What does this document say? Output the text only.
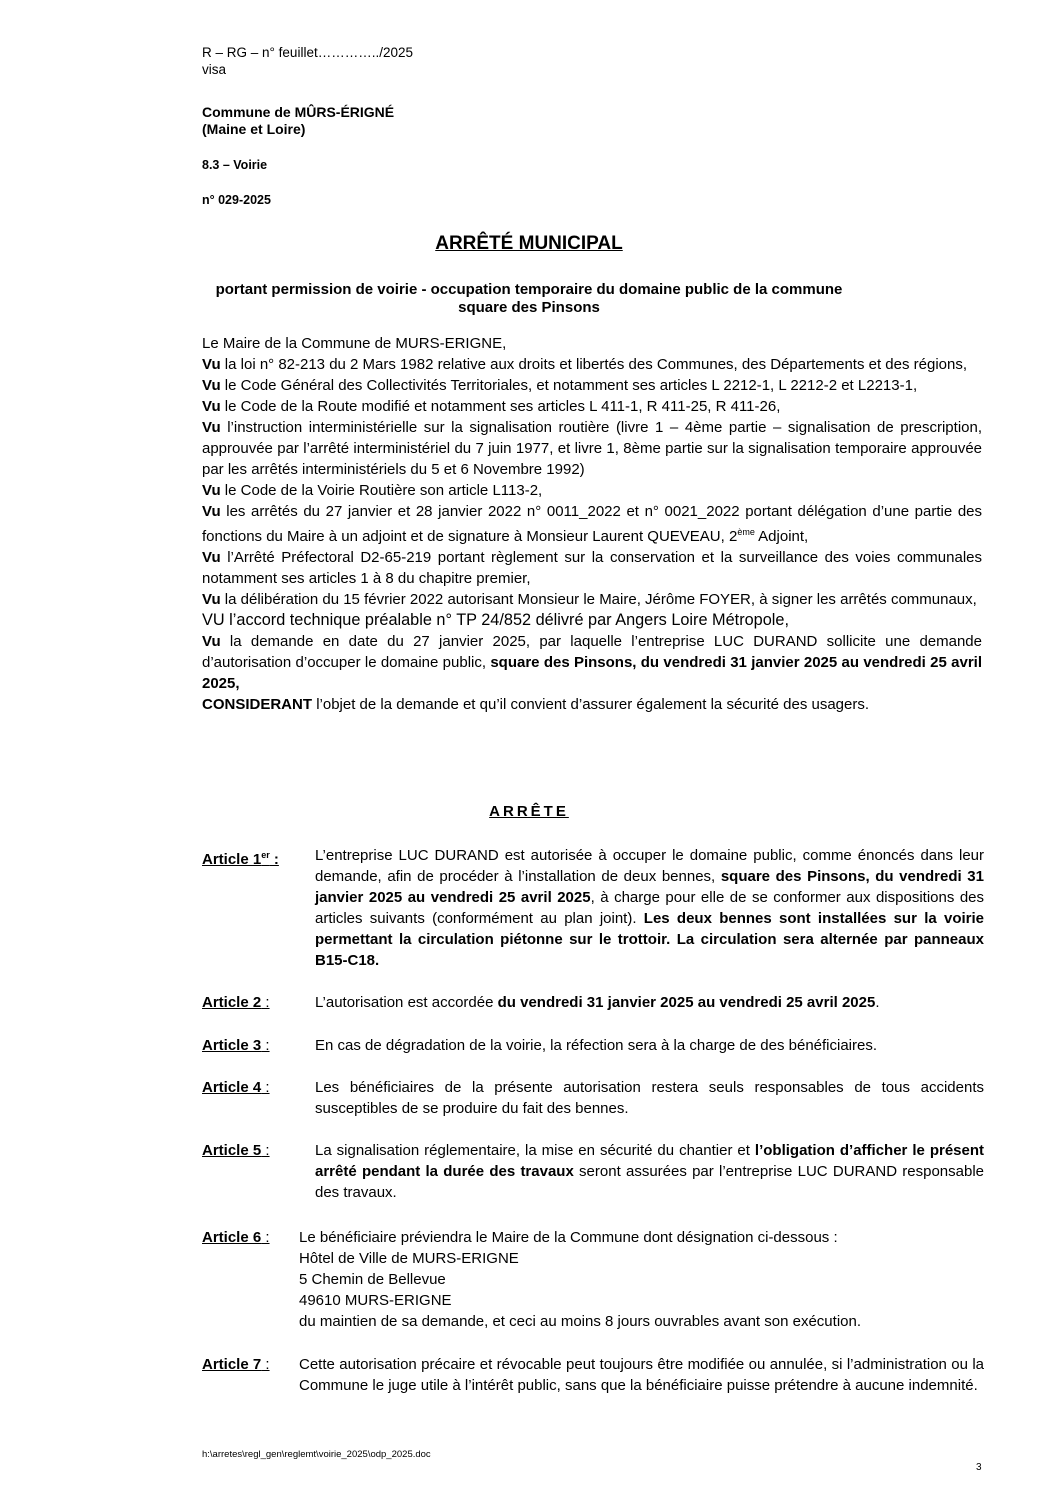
R – RG – n° feuillet…………../2025
visa
Commune de MÛRS-ÉRIGNÉ
(Maine et Loire)
8.3 – Voirie
n° 029-2025
ARRÊTÉ MUNICIPAL
portant permission de voirie - occupation temporaire du domaine public de la commune
square des Pinsons

Le Maire de la Commune de MURS-ERIGNE,

Vu la loi n° 82-213 du 2 Mars 1982 relative aux droits et libertés des Communes, des Départements et des régions,

Vu le Code Général des Collectivités Territoriales, et notamment ses articles L 2212-1, L 2212-2 et L2213-1,

Vu le Code de la Route modifié et notamment ses articles L 411-1, R 411-25, R 411-26,

Vu l’instruction interministérielle sur la signalisation routière (livre 1 – 4ème partie – signalisation de prescription, approuvée par l’arrêté interministériel du 7 juin 1977, et livre 1, 8ème partie sur la signalisation temporaire approuvée par les arrêtés interministériels du 5 et 6 Novembre 1992)

Vu le Code de la Voirie Routière son article L113-2,

Vu les arrêtés du 27 janvier et 28 janvier 2022 n° 0011_2022 et n° 0021_2022 portant délégation d’une partie des fonctions du Maire à un adjoint et de signature à Monsieur Laurent QUEVEAU, 2ème Adjoint,

Vu l’Arrêté Préfectoral D2-65-219 portant règlement sur la conservation et la surveillance des voies communales notamment ses articles 1 à 8 du chapitre premier,

Vu la délibération du 15 février 2022 autorisant Monsieur le Maire, Jérôme FOYER, à signer les arrêtés communaux,

VU l’accord technique préalable n° TP 24/852 délivré par Angers Loire Métropole,

Vu la demande en date du 27 janvier 2025, par laquelle l’entreprise LUC DURAND sollicite une demande d’autorisation d’occuper le domaine public, square des Pinsons, du vendredi 31 janvier 2025 au vendredi 25 avril 2025,

CONSIDERANT l’objet de la demande et qu’il convient d’assurer également la sécurité des usagers.

ARRÊTE
Article 1er : L’entreprise LUC DURAND est autorisée à occuper le domaine public, comme énoncés dans leur demande, afin de procéder à l’installation de deux bennes, square des Pinsons, du vendredi 31 janvier 2025 au vendredi 25 avril 2025, à charge pour elle de se conformer aux dispositions des articles suivants (conformément au plan joint). Les deux bennes sont installées sur la voirie permettant la circulation piétonne sur le trottoir. La circulation sera alternée par panneaux B15-C18.
Article 2 :	L’autorisation est accordée du vendredi 31 janvier 2025 au vendredi 25 avril 2025.
Article 3 :	En cas de dégradation de la voirie, la réfection sera à la charge de des bénéficiaires.
Article 4 :	Les bénéficiaires de la présente autorisation restera seuls responsables de tous accidents susceptibles de se produire du fait des bennes.
Article 5 :	La signalisation réglementaire, la mise en sécurité du chantier et l’obligation d’afficher le présent arrêté pendant la durée des travaux seront assurées par l’entreprise LUC DURAND responsable des travaux.
Article 6 : Le bénéficiaire préviendra le Maire de la Commune dont désignation ci-dessous :

Hôtel de Ville de MURS-ERIGNE

5 Chemin de Bellevue

49610 MURS-ERIGNE

du maintien de sa demande, et ceci au moins 8 jours ouvrables avant son exécution.

Article 7 : Cette autorisation précaire et révocable peut toujours être modifiée ou annulée, si l’administration ou la Commune le juge utile à l’intérêt public, sans que la bénéficiaire puisse prétendre à aucune indemnité.
h:\arretes\regl_gen\reglemt\voirie_2025\odp_2025.doc
3
